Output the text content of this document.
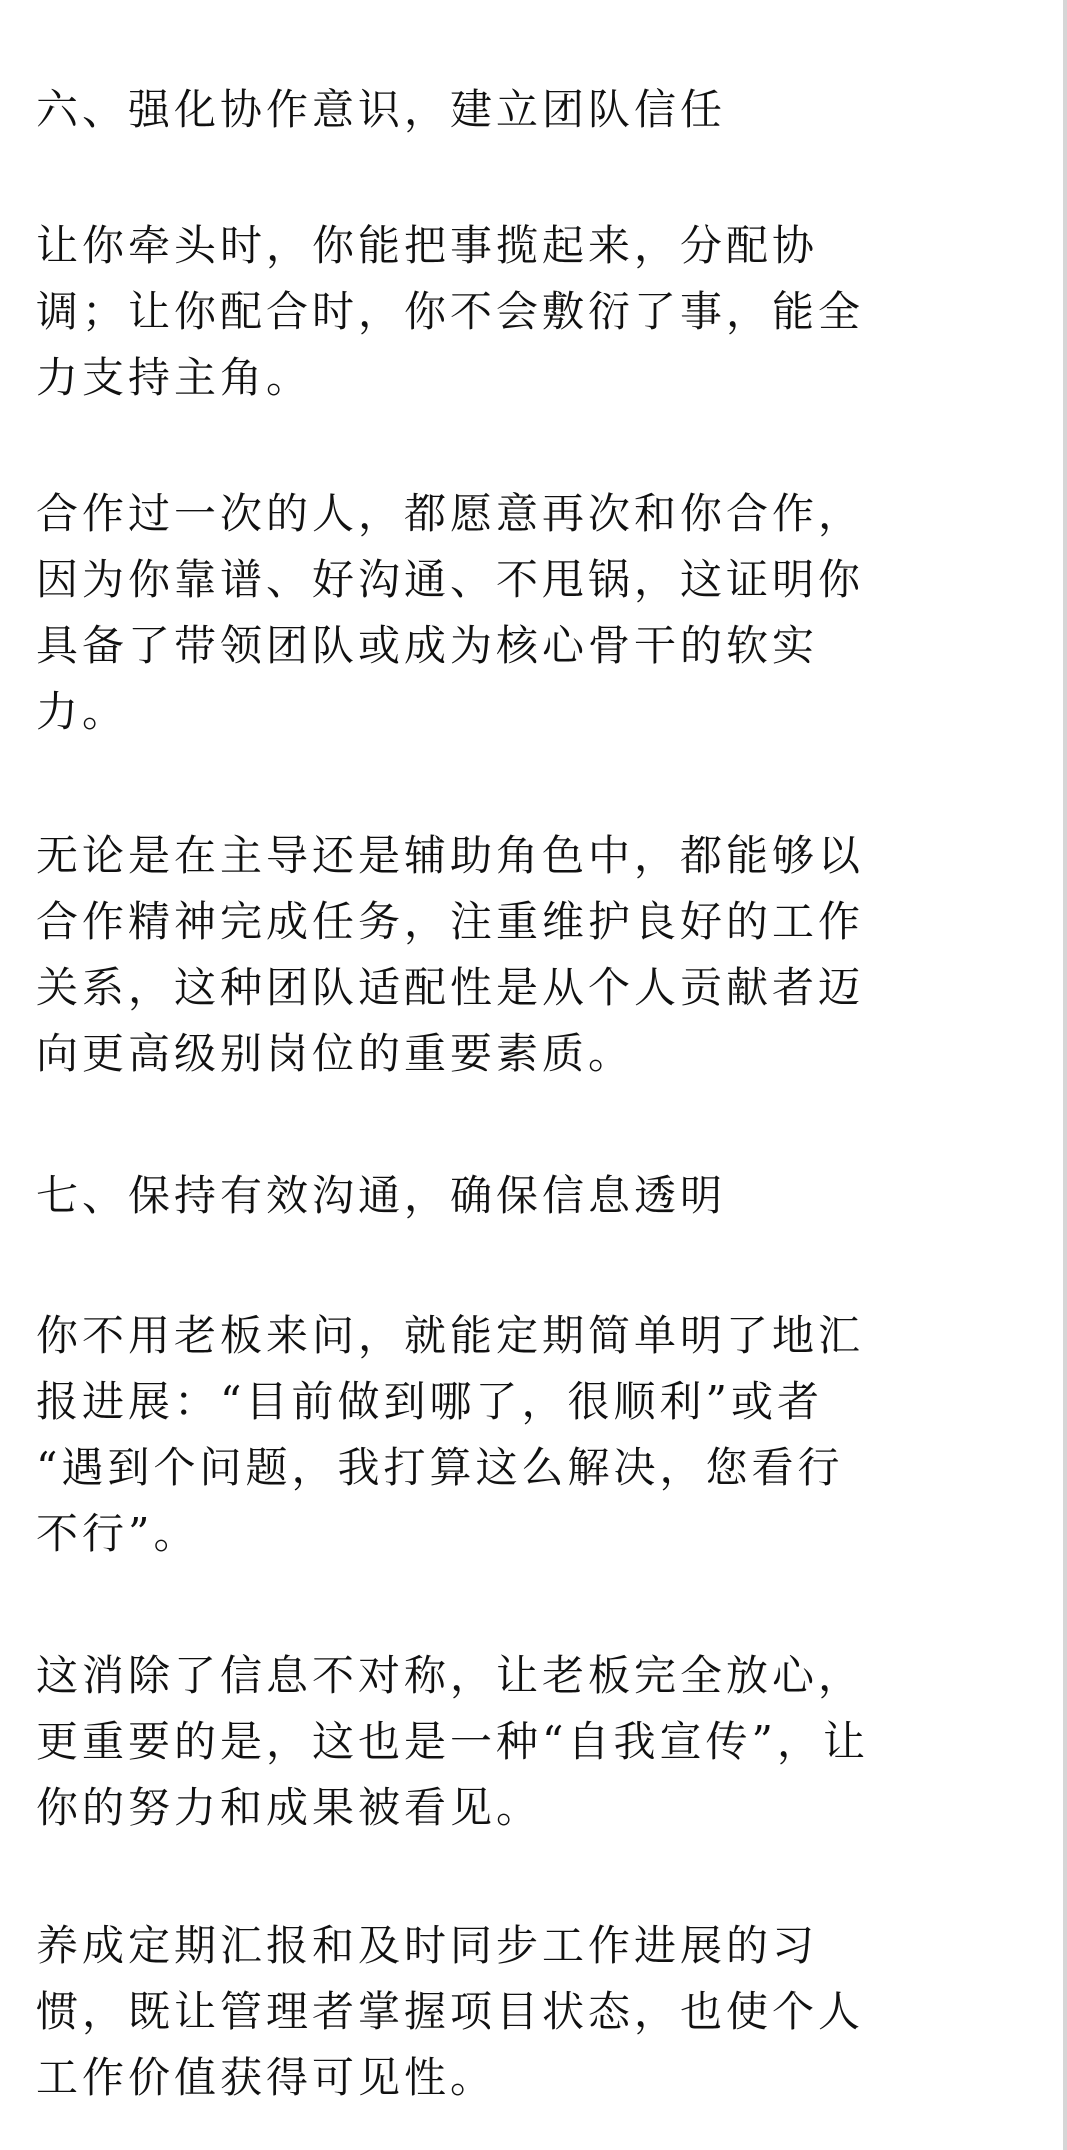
六、强化协作意识，建立团队信任

让你牵头时，你能把事揽起来，分配协

调；让你配合时，你不会敷衍了事，能全

力支持主角。

合作过一次的人，都愿意再次和你合作，

因为你靠谱、好沟通、不甩锅，这证明你

具备了带领团队或成为核心骨干的软实

力。

无论是在主导还是辅助角色中，都能够以

合作精神完成任务，注重维护良好的工作

关系，这种团队适配性是从个人贡献者迈

向更高级别岗位的重要素质。

七、保持有效沟通，确保信息透明

你不用老板来问，就能定期简单明了地汇

报进展：“目前做到哪了，很顺利”或者

“遇到个问题，我打算这么解决，您看行

不行”。

这消除了信息不对称，让老板完全放心，

更重要的是，这也是一种“自我宣传”，让

你的努力和成果被看见。

养成定期汇报和及时同步工作进展的习

惯，既让管理者掌握项目状态，也使个人

工作价值获得可见性。
